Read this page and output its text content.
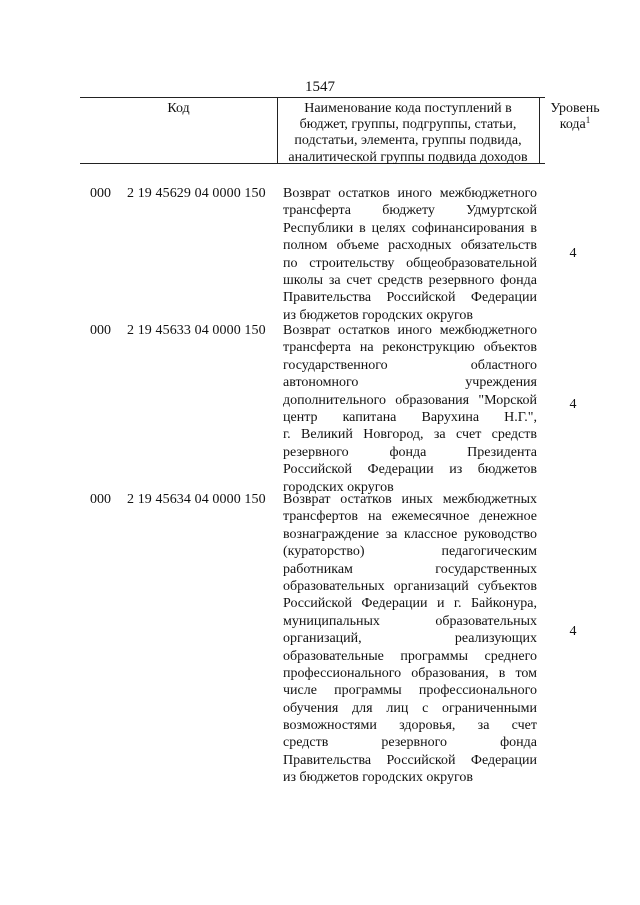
1547
Код	Наименование кода поступлений в
бюджет, группы, подгруппы, статьи,
подстатьи, элемента, группы подвида,
аналитической группы подвида доходов
Уровень
кода$^1$
000 2 19 45629 04 0000 150 Возврат остатков иного межбюджетного
трансферта бюджету Удмуртской
Республики в целях софинансирования в
полном объеме расходных обязательств
по строительству общеобразовательной
школы за счет средств резервного фонда
Правительства Российской Федерации
из бюджетов городских округов
4
000 2 19 45633 04 0000 150 Возврат остатков иного межбюджетного
трансферта на реконструкцию объектов
государственного областного
автономного учреждения
дополнительного образования "Морской
центр капитана Варухина Н.Г.",
г. Великий Новгород, за счет средств
резервного фонда Президента
Российской Федерации из бюджетов
городских округов
4
000 2 19 45634 04 0000 150 Возврат остатков иных межбюджетных
трансфертов на ежемесячное денежное
вознаграждение за классное руководство
(кураторство) педагогическим
работникам государственных
образовательных организаций субъектов
Российской Федерации и г. Байконура,
муниципальных образовательных
организаций, реализующих
образовательные программы среднего
профессионального образования, в том
числе программы профессионального
обучения для лиц с ограниченными
возможностями здоровья, за счет
средств резервного фонда
Правительства Российской Федерации
из бюджетов городских округов
4
